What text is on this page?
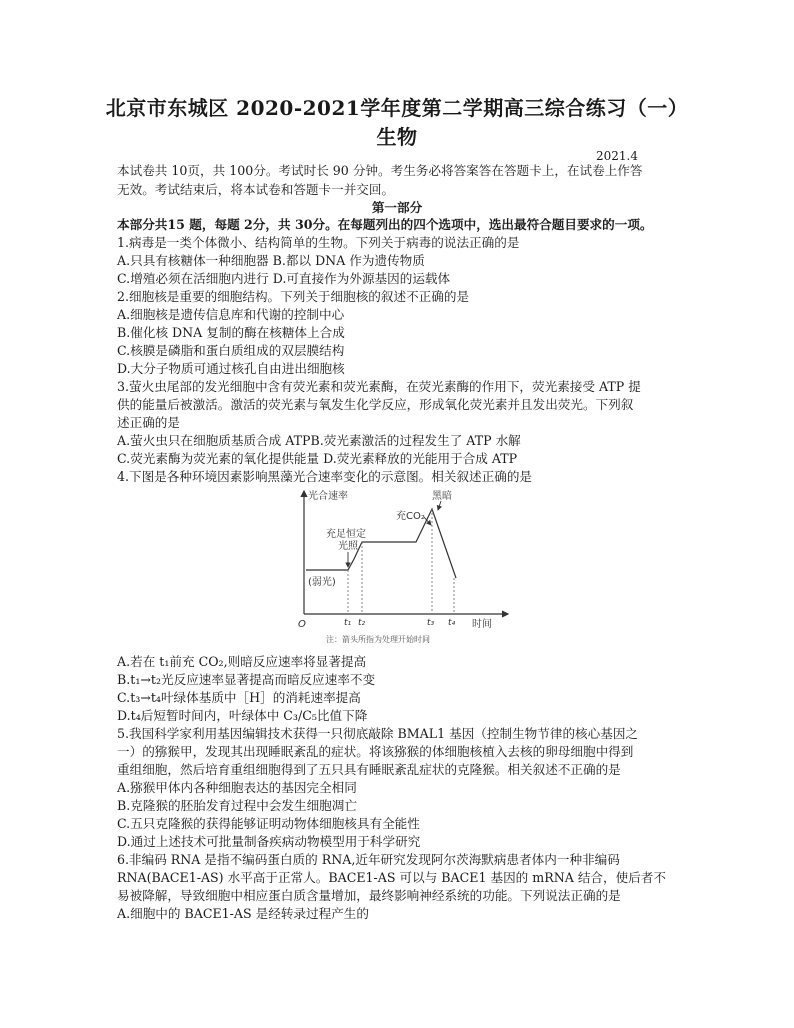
北京市东城区 2020-2021学年度第二学期高三综合练习（一）
生物
2021.4
本试卷共 10页，共 100分。考试时长 90 分钟。考生务必将答案答在答题卡上，在试卷上作答
无效。考试结束后，将本试卷和答题卡一并交回。
第一部分
本部分共15 题，每题 2分，共 30分。在每题列出的四个选项中，选出最符合题目要求的一项。
1.病毒是一类个体微小、结构简单的生物。下列关于病毒的说法正确的是
A.只具有核糖体一种细胞器 B.都以 DNA 作为遗传物质
C.增殖必须在活细胞内进行 D.可直接作为外源基因的运载体
2.细胞核是重要的细胞结构。下列关于细胞核的叙述不正确的是
A.细胞核是遗传信息库和代谢的控制中心
B.催化核 DNA 复制的酶在核糖体上合成
C.核膜是磷脂和蛋白质组成的双层膜结构
D.大分子物质可通过核孔自由进出细胞核
3.萤火虫尾部的发光细胞中含有荧光素和荧光素酶，在荧光素酶的作用下，荧光素接受 ATP 提
供的能量后被激活。激活的荧光素与氧发生化学反应，形成氧化荧光素并且发出荧光。下列叙
述正确的是
A.萤火虫只在细胞质基质合成 ATPB.荧光素激活的过程发生了 ATP 水解
C.荧光素酶为荧光素的氧化提供能量 D.荧光素释放的光能用于合成 ATP
4.下图是各种环境因素影响黑藻光合速率变化的示意图。相关叙述正确的是
光合速率
时间
O
(弱光)
充足恒定
光照
充CO₂
黑暗
t₁ t₂	t₃ t₄
注：箭头所指为处理开始时间
A.若在 t₁前充 CO₂,则暗反应速率将显著提高
B.t₁→t₂光反应速率显著提高而暗反应速率不变
C.t₃→t₄叶绿体基质中［H］的消耗速率提高
D.t₄后短暂时间内，叶绿体中 C₃/C₅比值下降
5.我国科学家利用基因编辑技术获得一只彻底敲除 BMAL1 基因（控制生物节律的核心基因之
一）的猕猴甲，发现其出现睡眠紊乱的症状。将该猕猴的体细胞核植入去核的卵母细胞中得到
重组细胞，然后培育重组细胞得到了五只具有睡眠紊乱症状的克隆猴。相关叙述不正确的是
A.猕猴甲体内各种细胞表达的基因完全相同
B.克隆猴的胚胎发育过程中会发生细胞凋亡
C.五只克隆猴的获得能够证明动物体细胞核具有全能性
D.通过上述技术可批量制备疾病动物模型用于科学研究
6.非编码 RNA 是指不编码蛋白质的 RNA,近年研究发现阿尔茨海默病患者体内一种非编码
RNA(BACE1-AS) 水平高于正常人。BACE1-AS 可以与 BACE1 基因的 mRNA 结合，使后者不
易被降解，导致细胞中相应蛋白质含量增加，最终影响神经系统的功能。下列说法正确的是
A.细胞中的 BACE1-AS 是经转录过程产生的
